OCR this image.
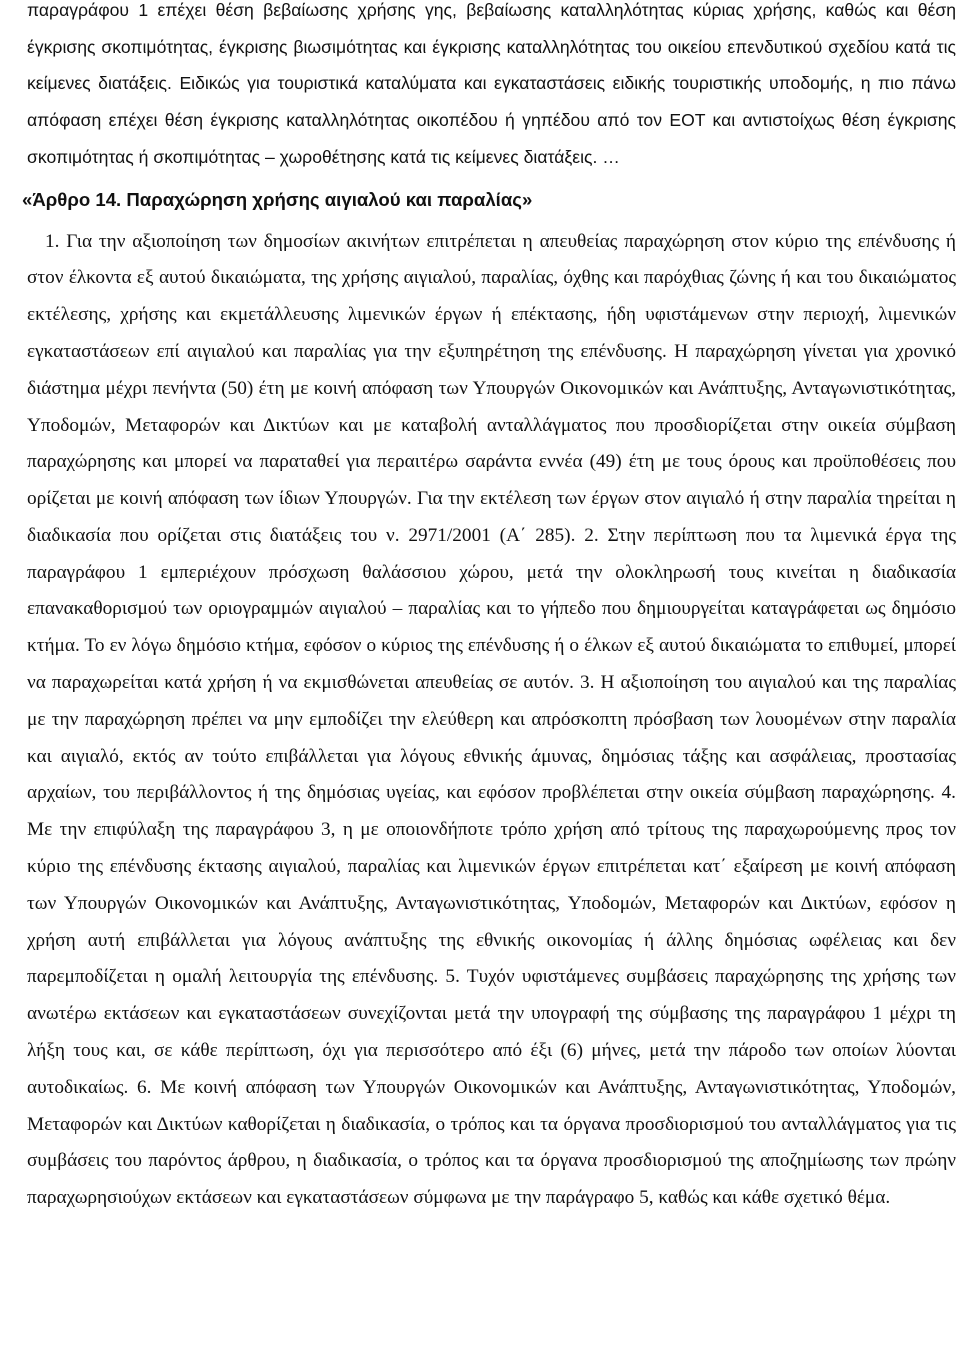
παραγράφου 1 επέχει θέση βεβαίωσης χρήσης γης, βεβαίωσης καταλληλότητας κύριας χρήσης, καθώς και θέση έγκρισης σκοπιμότητας, έγκρισης βιωσιμότητας και έγκρισης καταλληλότητας του οικείου επενδυτικού σχεδίου κατά τις κείμενες διατάξεις. Ειδικώς για τουριστικά καταλύματα και εγκαταστάσεις ειδικής τουριστικής υποδομής, η πιο πάνω απόφαση επέχει θέση έγκρισης καταλληλότητας οικοπέδου ή γηπέδου από τον ΕΟΤ και αντιστοίχως θέση έγκρισης σκοπιμότητας ή σκοπιμότητας – χωροθέτησης κατά τις κείμενες διατάξεις. …

«Άρθρο 14. Παραχώρηση χρήσης αιγιαλού και παραλίας»

1. Για την αξιοποίηση των δημοσίων ακινήτων επιτρέπεται η απευθείας παραχώρηση στον κύριο της επένδυσης ή στον έλκοντα εξ αυτού δικαιώματα, της χρήσης αιγιαλού, παραλίας, όχθης και παρόχθιας ζώνης ή και του δικαιώματος εκτέλεσης, χρήσης και εκμετάλλευσης λιμενικών έργων ή επέκτασης, ήδη υφιστάμενων στην περιοχή, λιμενικών εγκαταστάσεων επί αιγιαλού και παραλίας για την εξυπηρέτηση της επένδυσης. Η παραχώρηση γίνεται για χρονικό διάστημα μέχρι πενήντα (50) έτη με κοινή απόφαση των Υπουργών Οικονομικών και Ανάπτυξης, Ανταγωνιστικότητας, Υποδομών, Μεταφορών και Δικτύων και με καταβολή ανταλλάγματος που προσδιορίζεται στην οικεία σύμβαση παραχώρησης και μπορεί να παραταθεί για περαιτέρω σαράντα εννέα (49) έτη με τους όρους και προϋποθέσεις που ορίζεται με κοινή απόφαση των ίδιων Υπουργών. Για την εκτέλεση των έργων στον αιγιαλό ή στην παραλία τηρείται η διαδικασία που ορίζεται στις διατάξεις του ν. 2971/2001 (Α΄ 285). 2. Στην περίπτωση που τα λιμενικά έργα της παραγράφου 1 εμπεριέχουν πρόσχωση θαλάσσιου χώρου, μετά την ολοκληρωσή τους κινείται η διαδικασία επανακαθορισμού των οριογραμμών αιγιαλού – παραλίας και το γήπεδο που δημιουργείται καταγράφεται ως δημόσιο κτήμα. Το εν λόγω δημόσιο κτήμα, εφόσον ο κύριος της επένδυσης ή ο έλκων εξ αυτού δικαιώματα το επιθυμεί, μπορεί να παραχωρείται κατά χρήση ή να εκμισθώνεται απευθείας σε αυτόν. 3. Η αξιοποίηση του αιγιαλού και της παραλίας με την παραχώρηση πρέπει να μην εμποδίζει την ελεύθερη και απρόσκοπτη πρόσβαση των λουομένων στην παραλία και αιγιαλό, εκτός αν τούτο επιβάλλεται για λόγους εθνικής άμυνας, δημόσιας τάξης και ασφάλειας, προστασίας αρχαίων, του περιβάλλοντος ή της δημόσιας υγείας, και εφόσον προβλέπεται στην οικεία σύμβαση παραχώρησης. 4. Με την επιφύλαξη της παραγράφου 3, η με οποιονδήποτε τρόπο χρήση από τρίτους της παραχωρούμενης προς τον κύριο της επένδυσης έκτασης αιγιαλού, παραλίας και λιμενικών έργων επιτρέπεται κατ΄ εξαίρεση με κοινή απόφαση των Υπουργών Οικονομικών και Ανάπτυξης, Ανταγωνιστικότητας, Υποδομών, Μεταφορών και Δικτύων, εφόσον η χρήση αυτή επιβάλλεται για λόγους ανάπτυξης της εθνικής οικονομίας ή άλλης δημόσιας ωφέλειας και δεν παρεμποδίζεται η ομαλή λειτουργία της επένδυσης. 5. Τυχόν υφιστάμενες συμβάσεις παραχώρησης της χρήσης των ανωτέρω εκτάσεων και εγκαταστάσεων συνεχίζονται μετά την υπογραφή της σύμβασης της παραγράφου 1 μέχρι τη λήξη τους και, σε κάθε περίπτωση, όχι για περισσότερο από έξι (6) μήνες, μετά την πάροδο των οποίων λύονται αυτοδικαίως. 6. Με κοινή απόφαση των Υπουργών Οικονομικών και Ανάπτυξης, Ανταγωνιστικότητας, Υποδομών, Μεταφορών και Δικτύων καθορίζεται η διαδικασία, ο τρόπος και τα όργανα προσδιορισμού του ανταλλάγματος για τις συμβάσεις του παρόντος άρθρου, η διαδικασία, ο τρόπος και τα όργανα προσδιορισμού της αποζημίωσης των πρώην παραχωρησιούχων εκτάσεων και εγκαταστάσεων σύμφωνα με την παράγραφο 5, καθώς και κάθε σχετικό θέμα.
